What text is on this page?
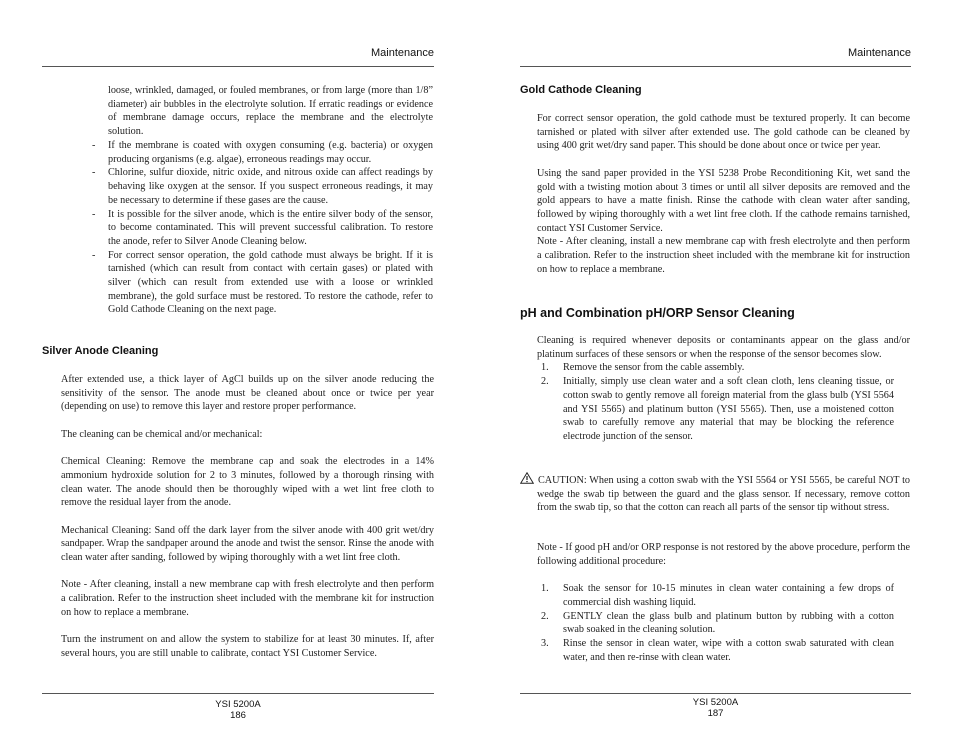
Maintenance

loose, wrinkled, damaged, or fouled membranes, or from large (more than 1/8” diameter) air bubbles in the electrolyte solution. If erratic readings or evidence of membrane damage occurs, replace the membrane and the electrolyte solution.

- If the membrane is coated with oxygen consuming (e.g. bacteria) or oxygen producing organisms (e.g. algae), erroneous readings may occur.
- Chlorine, sulfur dioxide, nitric oxide, and nitrous oxide can affect readings by behaving like oxygen at the sensor. If you suspect erroneous readings, it may be necessary to determine if these gases are the cause.
- It is possible for the silver anode, which is the entire silver body of the sensor, to become contaminated. This will prevent successful calibration. To restore the anode, refer to Silver Anode Cleaning below.
- For correct sensor operation, the gold cathode must always be bright. If it is tarnished (which can result from contact with certain gases) or plated with silver (which can result from extended use with a loose or wrinkled membrane), the gold surface must be restored. To restore the cathode, refer to Gold Cathode Cleaning on the next page.
Silver Anode Cleaning

After extended use, a thick layer of AgCl builds up on the silver anode reducing the sensitivity of the sensor. The anode must be cleaned about once or twice per year (depending on use) to remove this layer and restore proper performance.

The cleaning can be chemical and/or mechanical:

Chemical Cleaning: Remove the membrane cap and soak the electrodes in a 14% ammonium hydroxide solution for 2 to 3 minutes, followed by a thorough rinsing with clean water. The anode should then be thoroughly wiped with a wet lint free cloth to remove the residual layer from the anode.

Mechanical Cleaning: Sand off the dark layer from the silver anode with 400 grit wet/dry sandpaper. Wrap the sandpaper around the anode and twist the sensor. Rinse the anode with clean water after sanding, followed by wiping thoroughly with a wet lint free cloth.

Note - After cleaning, install a new membrane cap with fresh electrolyte and then perform a calibration. Refer to the instruction sheet included with the membrane kit for instruction on how to replace a membrane.

Turn the instrument on and allow the system to stabilize for at least 30 minutes. If, after several hours, you are still unable to calibrate, contact YSI Customer Service.

YSI 5200A
186
Maintenance
Gold Cathode Cleaning

For correct sensor operation, the gold cathode must be textured properly. It can become tarnished or plated with silver after extended use. The gold cathode can be cleaned by using 400 grit wet/dry sand paper. This should be done about once or twice per year.

Using the sand paper provided in the YSI 5238 Probe Reconditioning Kit, wet sand the gold with a twisting motion about 3 times or until all silver deposits are removed and the gold appears to have a matte finish. Rinse the cathode with clean water after sanding, followed by wiping thoroughly with a wet lint free cloth. If the cathode remains tarnished, contact YSI Customer Service.

Note - After cleaning, install a new membrane cap with fresh electrolyte and then perform a calibration. Refer to the instruction sheet included with the membrane kit for instruction on how to replace a membrane.

pH and Combination pH/ORP Sensor Cleaning

Cleaning is required whenever deposits or contaminants appear on the glass and/or platinum surfaces of these sensors or when the response of the sensor becomes slow.

1. Remove the sensor from the cable assembly.
2. Initially, simply use clean water and a soft clean cloth, lens cleaning tissue, or cotton swab to gently remove all foreign material from the glass bulb (YSI 5564 and YSI 5565) and platinum button (YSI 5565). Then, use a moistened cotton swab to carefully remove any material that may be blocking the reference electrode junction of the sensor.

CAUTION: When using a cotton swab with the YSI 5564 or YSI 5565, be careful NOT to wedge the swab tip between the guard and the glass sensor. If necessary, remove cotton from the swab tip, so that the cotton can reach all parts of the sensor tip without stress.

Note - If good pH and/or ORP response is not restored by the above procedure, perform the following additional procedure:

1. Soak the sensor for 10-15 minutes in clean water containing a few drops of commercial dish washing liquid.
2. GENTLY clean the glass bulb and platinum button by rubbing with a cotton swab soaked in the cleaning solution.
3. Rinse the sensor in clean water, wipe with a cotton swab saturated with clean water, and then re-rinse with clean water.
YSI 5200A
187
